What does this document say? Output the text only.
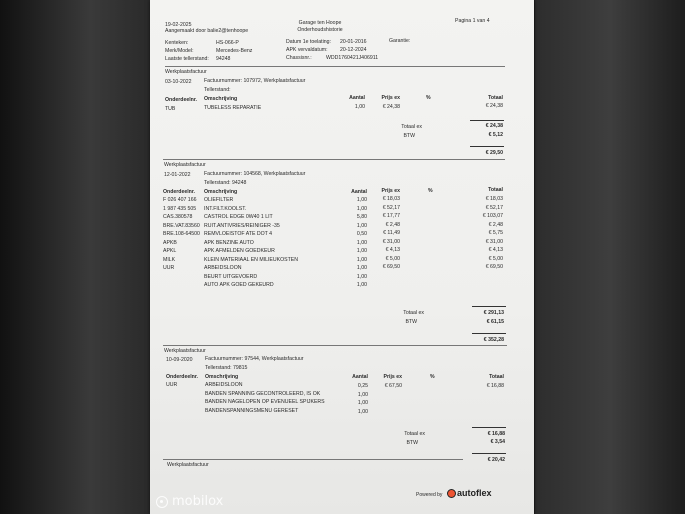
19-02-2025
Aangemaakt door balie2@tenhoope
Garage ten Hoope
Onderhoudshistorie
Pagina 1 van 4
Kenteken:	HS-066-P
Merk/Model:	Mercedes-Benz
Laatste tellerstand: 94248
Datum 1e toelating: 20-01-2016
APK vervaldatum: 20-12-2024
Chassisnr.:	WDD1760421J406911
Garantie:
Werkplaatsfactuur
03-10-2022 Factuurnummer: 107972, Werkplaatsfactuur
Tellerstand:
Onderdeelnr. Omschrijving	Aantal	Prijs ex	%	Totaal
TUB	TUBELESS REPARATIE	1,00	€ 24,38	€ 24,38
Totaal ex	€ 24,38
BTW	€ 5,12
€ 29,50
Werkplaatsfactuur
12-01-2022	Factuurnummer: 104568, Werkplaatsfactuur
Tellerstand: 94248
Onderdeelnr. Omschrijving	Aantal	Prijs ex	%	Totaal
F 026 407 166 OLIEFILTER	1,00	€ 18,03	€ 18,03
1 987 435 505 INT.FILT.KOOLST.	1,00	€ 52,17	€ 52,17
CAS.380578 CASTROL EDGE 0W40 1 LIT	5,80	€ 17,77	€ 103,07
BRE.VAT.83560 RUIT.ANTIVRIES/REINIGER -35	1,00	€ 2,48	€ 2,48
BRE.108-64500 REMVLOEISTOF ATE DOT 4	0,50	€ 11,49	€ 5,75
APKB	APK BENZINE AUTO	1,00	€ 31,00	€ 31,00
APKL	APK AFMELDEN GOEDKEUR	1,00	€ 4,13	€ 4,13
MILK	KLEIN MATERIAAL EN MILIEUKOSTEN	1,00	€ 5,00	€ 5,00
UUR	ARBEIDSLOON	1,00	€ 69,50	€ 69,50
BEURT UITGEVOERD	1,00
AUTO APK GOED GEKEURD	1,00
Totaal ex	€ 291,13
BTW	€ 61,15
€ 352,28
Werkplaatsfactuur
10-09-2020 Factuurnummer: 97544, Werkplaatsfactuur
Tellerstand: 79815
Onderdeelnr. Omschrijving	Aantal	Prijs ex	%	Totaal
UUR	ARBEIDSLOON	0,25	€ 67,50	€ 16,88
BANDEN SPANNING GECONTROLEERD, IS OK	1,00
BANDEN NAGELOPEN OP EVENUEEL SPIJKERS	1,00
BANDENSPANNINGSMENU GERESET	1,00
Totaal ex	€ 16,88
BTW	€ 3,54
€ 20,42
Werkplaatsfactuur
Powered by autoflex
mobilox
